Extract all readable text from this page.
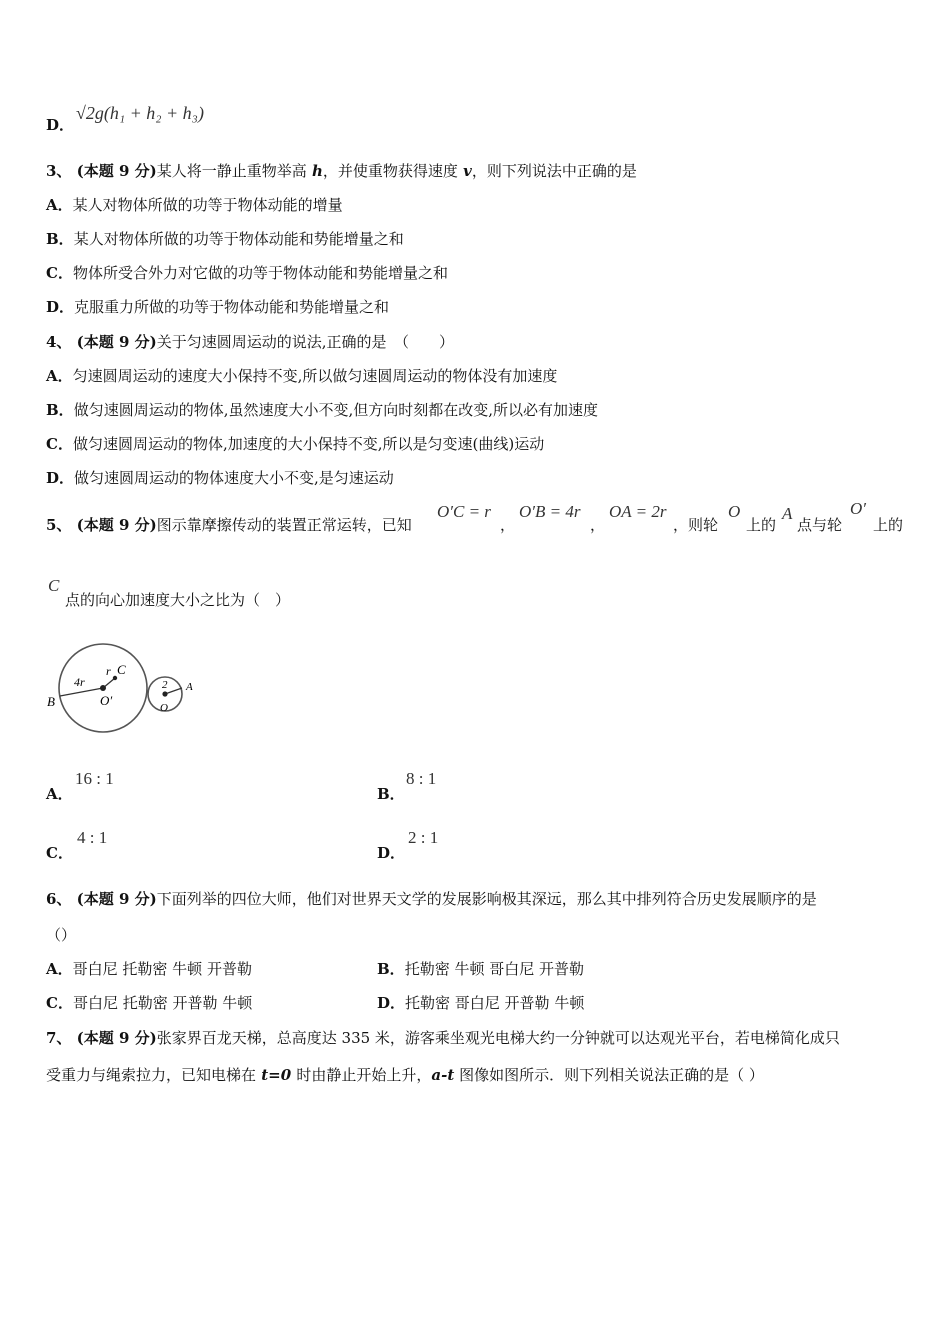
D．
√2g(h₁ + h₂ + h₃)
3、 (本题 9 分)某人将一静止重物举高 h，并使重物获得速度 v，则下列说法中正确的是
A．某人对物体所做的功等于物体动能的增量
B．某人对物体所做的功等于物体动能和势能增量之和
C．物体所受合外力对它做的功等于物体动能和势能增量之和
D．克服重力所做的功等于物体动能和势能增量之和
4、 (本题 9 分)关于匀速圆周运动的说法,正确的是　（　　）
A．匀速圆周运动的速度大小保持不变,所以做匀速圆周运动的物体没有加速度
B．做匀速圆周运动的物体,虽然速度大小不变,但方向时刻都在改变,所以必有加速度
C．做匀速圆周运动的物体,加速度的大小保持不变,所以是匀变速(曲线)运动
D．做匀速圆周运动的物体速度大小不变,是匀速运动
5、 (本题 9 分)图示靠摩擦传动的装置正常运转，已知
O′C = r
，
O′B = 4r
，
OA = 2r
，则轮
O
上的
A
点与轮
O′
上的
C
点的向心加速度大小之比为（　）
4r
r C
B	O′
2 A
O
A．
16 : 1
B．
8 : 1
C．
4 : 1
D．
2 : 1
6、 (本题 9 分)下面列举的四位大师，他们对世界天文学的发展影响极其深远，那么其中排列符合历史发展顺序的是
（）
A．哥白尼 托勒密 牛顿 开普勒	B．托勒密 牛顿 哥白尼 开普勒
C．哥白尼 托勒密 开普勒 牛顿	D．托勒密 哥白尼 开普勒 牛顿
7、 (本题 9 分)张家界百龙天梯，总高度达 335 米，游客乘坐观光电梯大约一分钟就可以达观光平台，若电梯简化成只
受重力与绳索拉力，已知电梯在 t=0 时由静止开始上升，a-t 图像如图所示．则下列相关说法正确的是（ ）
